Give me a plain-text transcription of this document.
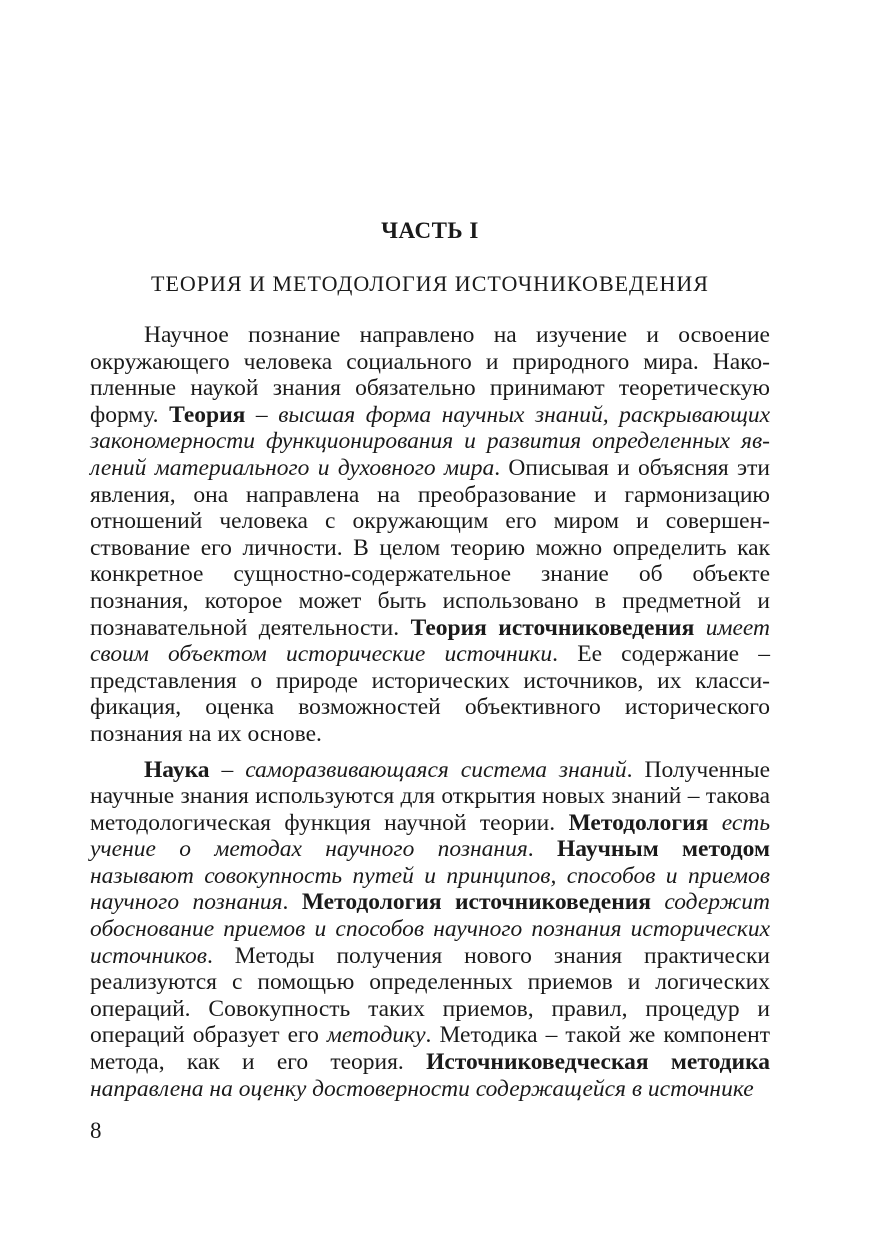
ЧАСТЬ I
ТЕОРИЯ И МЕТОДОЛОГИЯ ИСТОЧНИКОВЕДЕНИЯ

Научное познание направлено на изучение и освоение окружающего человека социального и природного мира. Накопленные наукой знания обязательно принимают теоретическую форму. Теория – высшая форма научных знаний, раскрывающих закономерности функционирования и развития определенных явлений материального и духовного мира. Описывая и объясняя эти явления, она направлена на преобразование и гармонизацию отношений человека с окружающим его миром и совершенствование его личности. В целом теорию можно определить как конкретное сущностно-содержательное знание об объекте познания, которое может быть использовано в предметной и познавательной деятельности. Теория источниковедения имеет своим объектом исторические источники. Ее содержание – представления о природе исторических источников, их классификация, оценка возможностей объективного исторического познания на их основе.

Наука – саморазвивающаяся система знаний. Полученные научные знания используются для открытия новых знаний – такова методологическая функция научной теории. Методология есть учение о методах научного познания. Научным методом называют совокупность путей и принципов, способов и приемов научного познания. Методология источниковедения содержит обоснование приемов и способов научного познания исторических источников. Методы получения нового знания практически реализуются с помощью определенных приемов и логических операций. Совокупность таких приемов, правил, процедур и операций образует его методику. Методика – такой же компонент метода, как и его теория. Источниковедческая методика направлена на оценку достоверности содержащейся в источнике

8
